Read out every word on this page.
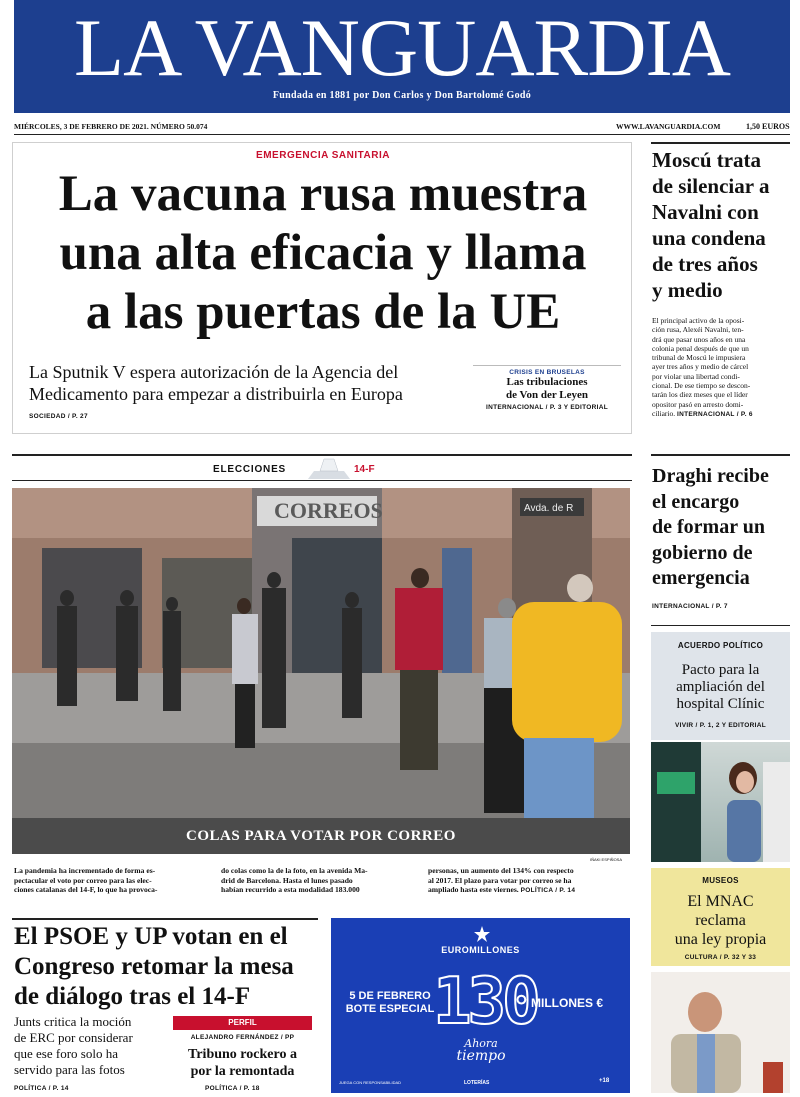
LA VANGUARDIA
Fundada en 1881 por Don Carlos y Don Bartolomé Godó
MIÉRCOLES, 3 DE FEBRERO DE 2021. NÚMERO 50.074	WWW.LAVANGUARDIA.COM	1,50 EUROS
EMERGENCIA SANITARIA
La vacuna rusa muestra
una alta eficacia y llama
a las puertas de la UE
La Sputnik V espera autorización de la Agencia del
Medicamento para empezar a distribuirla en Europa
SOCIEDAD / P. 27
CRISIS EN BRUSELAS
Las tribulaciones
de Von der Leyen
INTERNACIONAL / P. 3 Y EDITORIAL
Moscú trata
de silenciar a
Navalni con
una condena
de tres años
y medio
El principal activo de la oposi-
ción rusa, Alexéi Navalni, ten-
drá que pasar unos años en una
colonia penal después de que un
tribunal de Moscú le impusiera
ayer tres años y medio de cárcel
por violar una libertad condi-
cional. De ese tiempo se descon-
tarán los diez meses que el líder
opositor pasó en arresto domi-
ciliario. INTERNACIONAL / P. 6
ELECCIONES	14-F
CORREOS	Avda. de R
COLAS PARA VOTAR POR CORREO
IÑAKI ESPIÑOSA
La pandemia ha incrementado de forma es-
pectacular el voto por correo para las elec-
ciones catalanas del 14-F, lo que ha provoca-
do colas como la de la foto, en la avenida Ma-
drid de Barcelona. Hasta el lunes pasado
habían recurrido a esta modalidad 183.000
personas, un aumento del 134% con respecto
al 2017. El plazo para votar por correo se ha
ampliado hasta este viernes. POLÍTICA / P. 14
Draghi recibe
el encargo
de formar un
gobierno de
emergencia
INTERNACIONAL / P. 7
ACUERDO POLÍTICO
Pacto para la
ampliación del
hospital Clínic
VIVIR / P. 1, 2 Y EDITORIAL
MUSEOS
El MNAC
reclama
una ley propia
CULTURA / P. 32 Y 33
El PSOE y UP votan en el
Congreso retomar la mesa
de diálogo tras el 14-F
Junts critica la moción
de ERC por considerar
que ese foro solo ha
servido para las fotos
POLÍTICA / P. 14
PERFIL
ALEJANDRO FERNÁNDEZ / PP
Tribuno rockero a
por la remontada
POLÍTICA / P. 18
EUROMILLONES
5 DE FEBRERO
BOTE ESPECIAL
130
MILLONES €
Ahora
tiempo
JUEGA CON RESPONSABILIDAD	LOTERÍAS	+18
